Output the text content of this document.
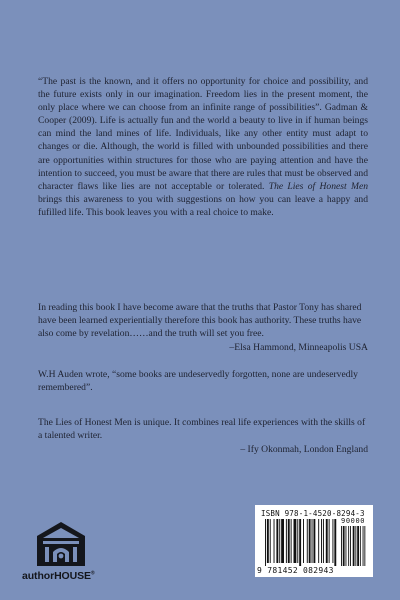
“The past is the known, and it offers no opportunity for choice and possibility, and the future exists only in our imagination. Freedom lies in the present moment, the only place where we can choose from an infinite range of possibilities”. Gadman & Cooper (2009). Life is actually fun and the world a beauty to live in if human beings can mind the land mines of life. Individuals, like any other entity must adapt to changes or die. Although, the world is filled with unbounded possibilities and there are opportunities within structures for those who are paying attention and have the intention to succeed, you must be aware that there are rules that must be observed and character flaws like lies are not acceptable or tolerated. The Lies of Honest Men brings this awareness to you with suggestions on how you can leave a happy and fufilled life. This book leaves you with a real choice to make.

In reading this book I have become aware that the truths that Pastor Tony has shared have been learned experientially therefore this book has authority. These truths have also come by revelation……and the truth will set you free.

–Elsa Hammond, Minneapolis USA

W.H Auden wrote, “some books are undeservedly forgotten, none are undeservedly remembered”.

The Lies of Honest Men is unique. It combines real life experiences with the skills of a talented writer.

– Ify Okonmah, London England

authorHOUSE®
ISBN 978-1-4520-8294-3
90000
9 781452 082943
